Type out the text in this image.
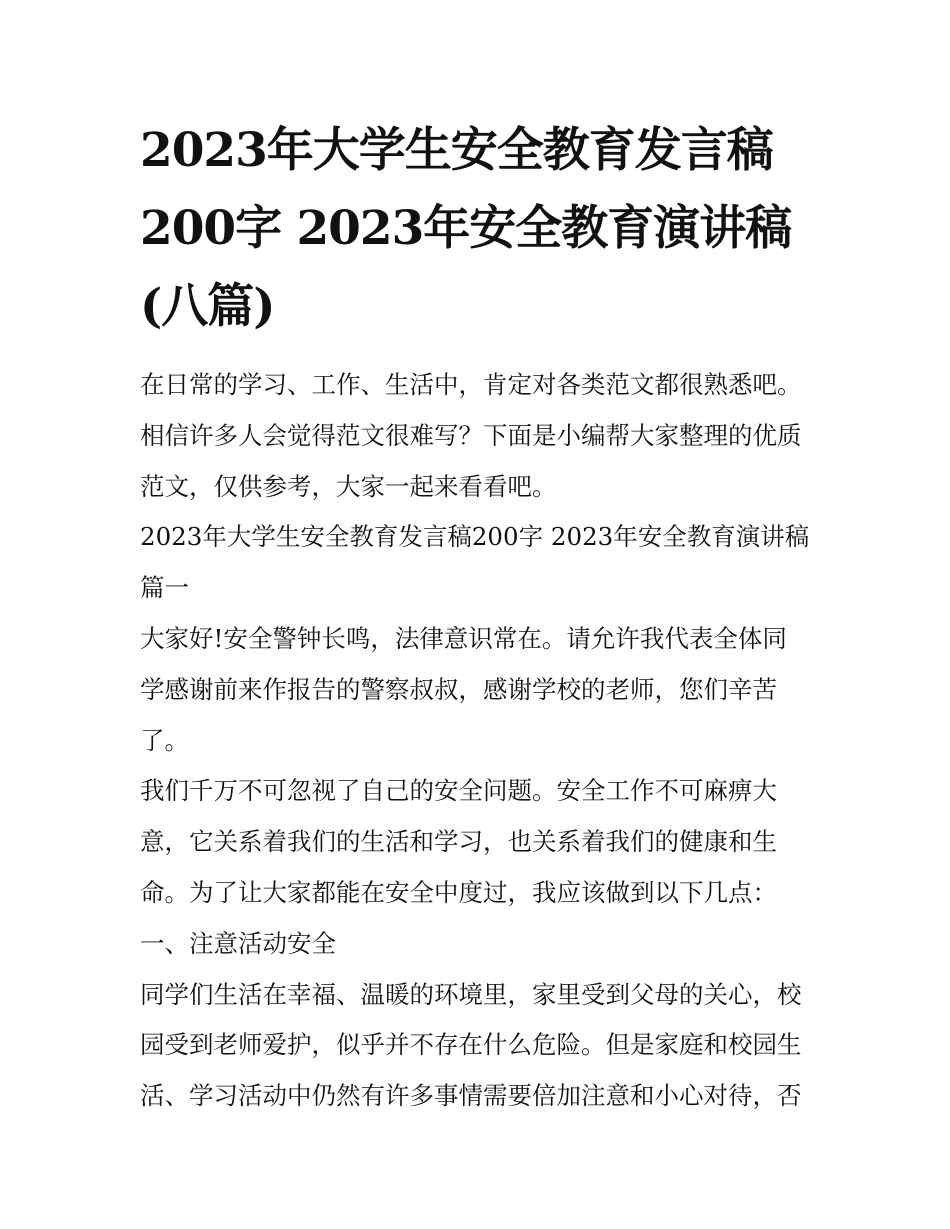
2023年大学生安全教育发言稿
200字 2023年安全教育演讲稿
(八篇)
在日常的学习、工作、生活中，肯定对各类范文都很熟悉吧。
相信许多人会觉得范文很难写？下面是小编帮大家整理的优质
范文，仅供参考，大家一起来看看吧。
2023年大学生安全教育发言稿200字 2023年安全教育演讲稿
篇一
大家好!安全警钟长鸣，法律意识常在。请允许我代表全体同
学感谢前来作报告的警察叔叔，感谢学校的老师，您们辛苦
了。
我们千万不可忽视了自己的安全问题。安全工作不可麻痹大
意，它关系着我们的生活和学习，也关系着我们的健康和生
命。为了让大家都能在安全中度过，我应该做到以下几点：
一、注意活动安全
同学们生活在幸福、温暖的环境里，家里受到父母的关心，校
园受到老师爱护，似乎并不存在什么危险。但是家庭和校园生
活、学习活动中仍然有许多事情需要倍加注意和小心对待，否
